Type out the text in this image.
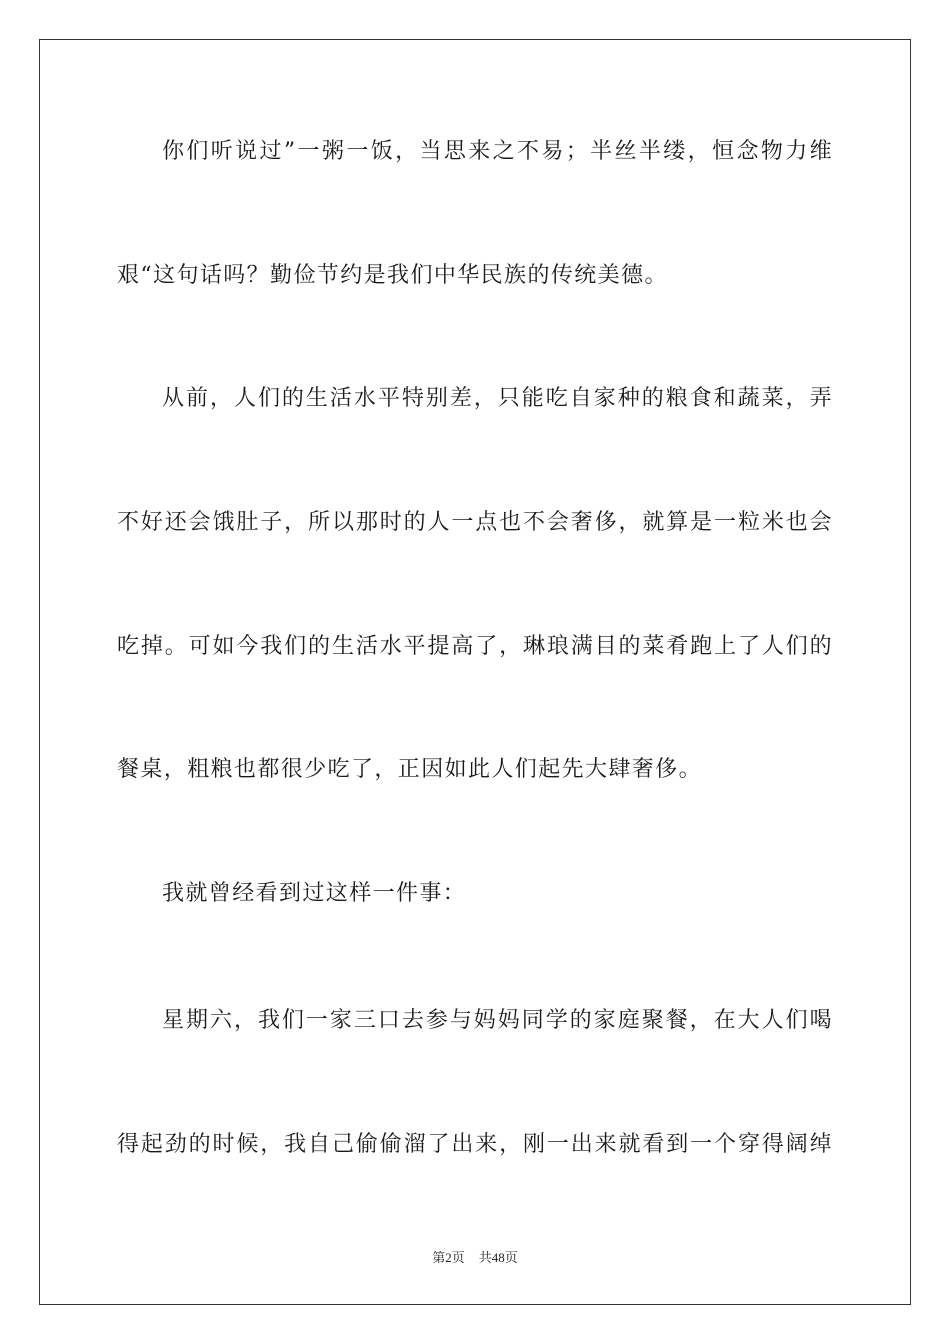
你们听说过”一粥一饭，当思来之不易；半丝半缕，恒念物力维
艰“这句话吗？勤俭节约是我们中华民族的传统美德。
从前，人们的生活水平特别差，只能吃自家种的粮食和蔬菜，弄
不好还会饿肚子，所以那时的人一点也不会奢侈，就算是一粒米也会
吃掉。可如今我们的生活水平提高了，琳琅满目的菜肴跑上了人们的
餐桌，粗粮也都很少吃了，正因如此人们起先大肆奢侈。
我就曾经看到过这样一件事：
星期六，我们一家三口去参与妈妈同学的家庭聚餐，在大人们喝
得起劲的时候，我自己偷偷溜了出来，刚一出来就看到一个穿得阔绰
第2页 共48页
